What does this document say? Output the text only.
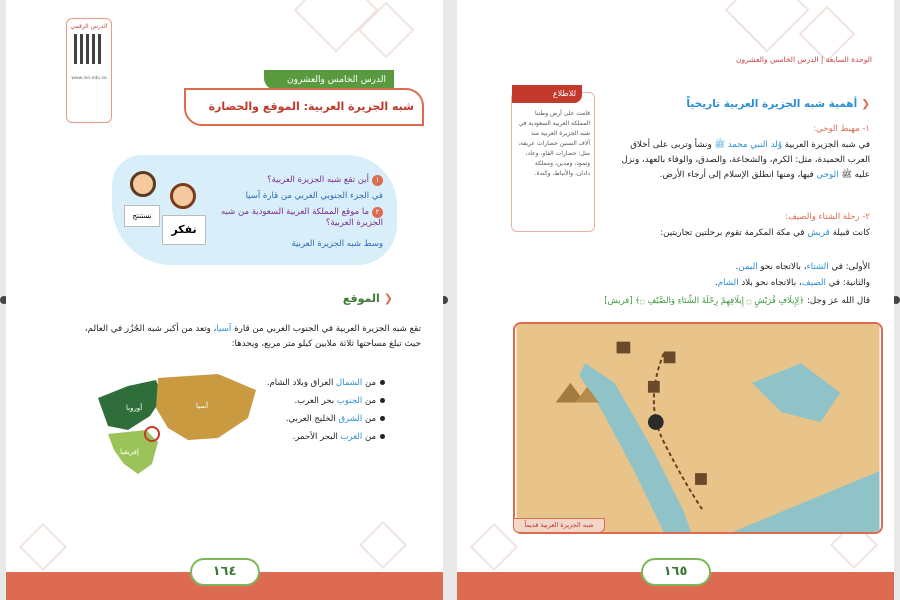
الدرس الرقمي
www.ien.edu.sa	الدرس الخامس والعشرون
شبه الجزيرة العربية: الموقع والحضارة
نستنتج
نفكر
١أين تقع شبه الجزيرة العربية؟
في الجزء الجنوبي الغربي من قارة آسيا
٢ما موقع المملكة العربية السعودية من شبه الجزيرة العربية؟
وسط شبه الجزيرة العربية
❮الموقع
تقع شبه الجزيرة العربية في الجنوب الغربي من قارة آسيا، وتعد من أكبر شبه الجُزُر في العالم، حيث تبلغ مساحتها ثلاثة ملايين كيلو متر مربع، ويحدها:
أوروبا	آسيا
إفريقيا
من الشمال العراق وبلاد الشام.
من الجنوب بحر العرب.
من الشرق الخليج العربي.
من الغرب البحر الأحمر.
١٦٤
الوحدة السابعة | الدرس الخامس والعشرون
للاطلاع
قامت على أرض وطننا المملكة العربية السعودية في شبه الجزيرة العربية منذ آلاف السنين حضارات عريقة، مثل: حضارات الفاو، وعاد، وثمود، ومدين، ومملكة دادان، والأنباط، وكندة.
❮أهمية شبه الجزيرة العربية تاريخياً
١- مهبط الوحي:
في شبه الجزيرة العربية وُلد النبي محمد ﷺ ونشأ وتربى على أخلاق العرب الحميدة، مثل: الكرم، والشجاعة، والصدق، والوفاء بالعهد، ونزل عليه ﷺ الوحي فيها، ومنها انطلق الإسلام إلى أرجاء الأرض.
٢- رحلة الشتاء والصيف:
كانت قبيلة قريش في مكة المكرمة تقوم برحلتين تجاريتين:
الأولى: في الشتاء، بالاتجاه نحو اليمن.
والثانية: في الصيف، بالاتجاه نحو بلاد الشام.
قال الله عز وجل: ﴿لِإِيلَافِ قُرَيْشٍ ۝ إِيلَافِهِمْ رِحْلَةَ الشِّتَاءِ وَالصَّيْفِ ۝﴾ [قريش]
شبه الجزيرة العربية قديماً
١٦٥
